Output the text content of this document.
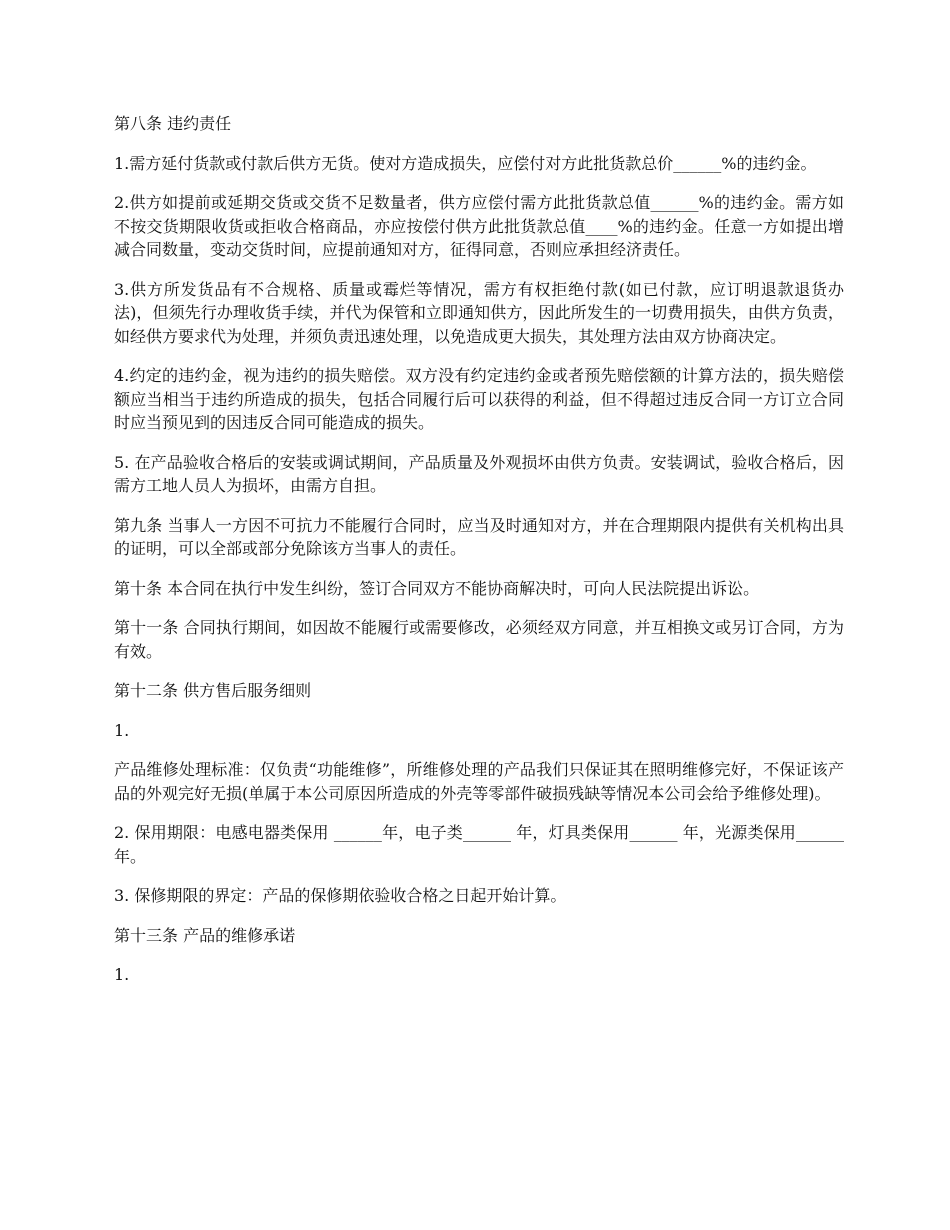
第八条 违约责任

1.需方延付货款或付款后供方无货。使对方造成损失，应偿付对方此批货款总价______%的违约金。

2.供方如提前或延期交货或交货不足数量者，供方应偿付需方此批货款总值______%的违约金。需方如不按交货期限收货或拒收合格商品，亦应按偿付供方此批货款总值____%的违约金。任意一方如提出增减合同数量，变动交货时间，应提前通知对方，征得同意，否则应承担经济责任。

3.供方所发货品有不合规格、质量或霉烂等情况，需方有权拒绝付款(如已付款，应订明退款退货办法)，但须先行办理收货手续，并代为保管和立即通知供方，因此所发生的一切费用损失，由供方负责，如经供方要求代为处理，并须负责迅速处理，以免造成更大损失，其处理方法由双方协商决定。

4.约定的违约金，视为违约的损失赔偿。双方没有约定违约金或者预先赔偿额的计算方法的，损失赔偿额应当相当于违约所造成的损失，包括合同履行后可以获得的利益，但不得超过违反合同一方订立合同时应当预见到的因违反合同可能造成的损失。

5. 在产品验收合格后的安装或调试期间，产品质量及外观损坏由供方负责。安装调试，验收合格后，因需方工地人员人为损坏，由需方自担。

第九条 当事人一方因不可抗力不能履行合同时，应当及时通知对方，并在合理期限内提供有关机构出具的证明，可以全部或部分免除该方当事人的责任。

第十条 本合同在执行中发生纠纷，签订合同双方不能协商解决时，可向人民法院提出诉讼。

第十一条 合同执行期间，如因故不能履行或需要修改，必须经双方同意，并互相换文或另订合同，方为有效。

第十二条 供方售后服务细则

1.

产品维修处理标准：仅负责“功能维修”，所维修处理的产品我们只保证其在照明维修完好，不保证该产品的外观完好无损(单属于本公司原因所造成的外壳等零部件破损残缺等情况本公司会给予维修处理)。

2. 保用期限：电感电器类保用 ______年，电子类______ 年，灯具类保用______ 年，光源类保用______ 年。

3. 保修期限的界定：产品的保修期依验收合格之日起开始计算。

第十三条 产品的维修承诺

1.
